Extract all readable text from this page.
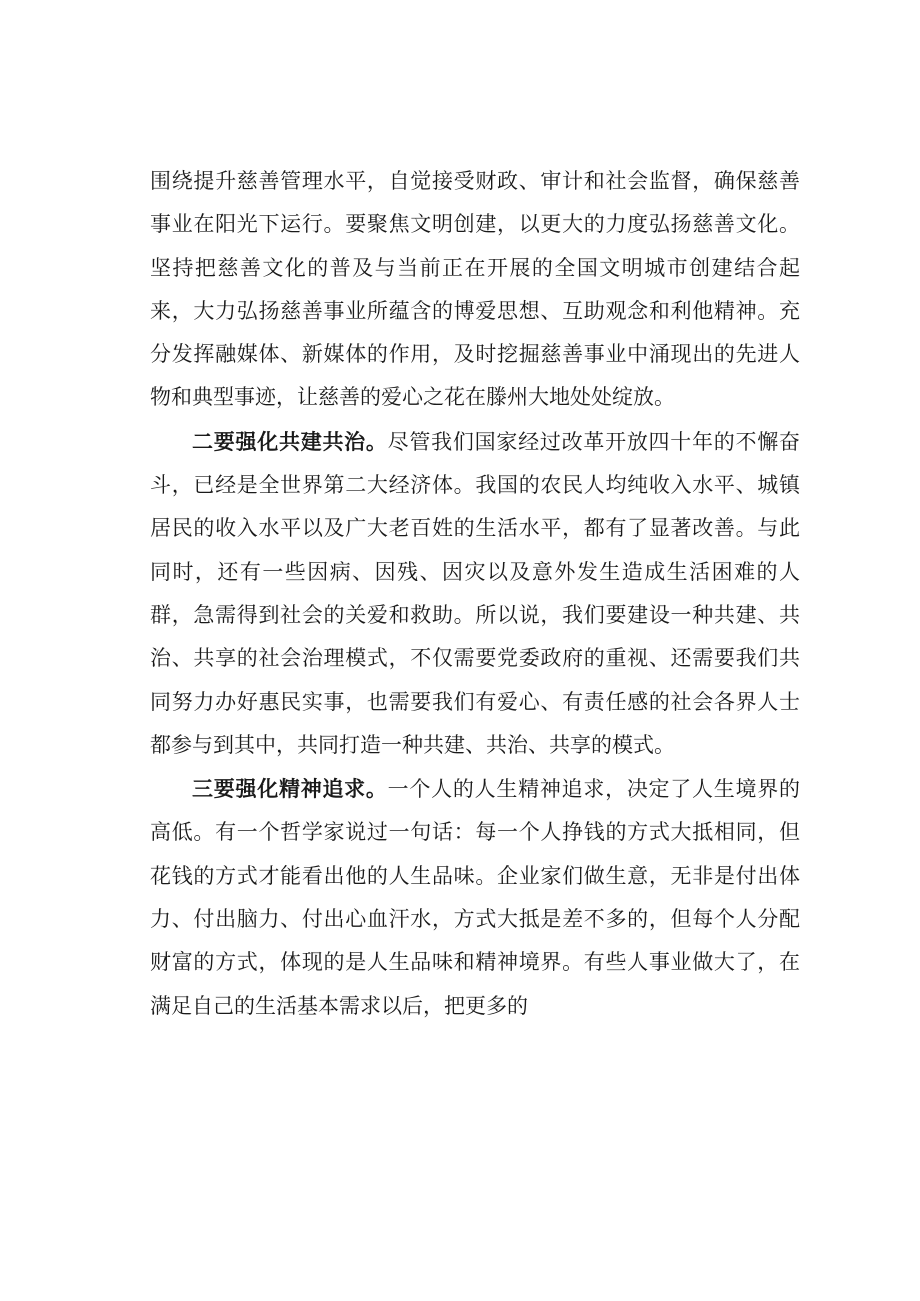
围绕提升慈善管理水平，自觉接受财政、审计和社会监督，确保慈善事业在阳光下运行。要聚焦文明创建，以更大的力度弘扬慈善文化。坚持把慈善文化的普及与当前正在开展的全国文明城市创建结合起来，大力弘扬慈善事业所蕴含的博爱思想、互助观念和利他精神。充分发挥融媒体、新媒体的作用，及时挖掘慈善事业中涌现出的先进人物和典型事迹，让慈善的爱心之花在滕州大地处处绽放。

二要强化共建共治。尽管我们国家经过改革开放四十年的不懈奋斗，已经是全世界第二大经济体。我国的农民人均纯收入水平、城镇居民的收入水平以及广大老百姓的生活水平，都有了显著改善。与此同时，还有一些因病、因残、因灾以及意外发生造成生活困难的人群，急需得到社会的关爱和救助。所以说，我们要建设一种共建、共治、共享的社会治理模式，不仅需要党委政府的重视、还需要我们共同努力办好惠民实事，也需要我们有爱心、有责任感的社会各界人士都参与到其中，共同打造一种共建、共治、共享的模式。

三要强化精神追求。一个人的人生精神追求，决定了人生境界的高低。有一个哲学家说过一句话：每一个人挣钱的方式大抵相同，但花钱的方式才能看出他的人生品味。企业家们做生意，无非是付出体力、付出脑力、付出心血汗水，方式大抵是差不多的，但每个人分配财富的方式，体现的是人生品味和精神境界。有些人事业做大了，在满足自己的生活基本需求以后，把更多的
